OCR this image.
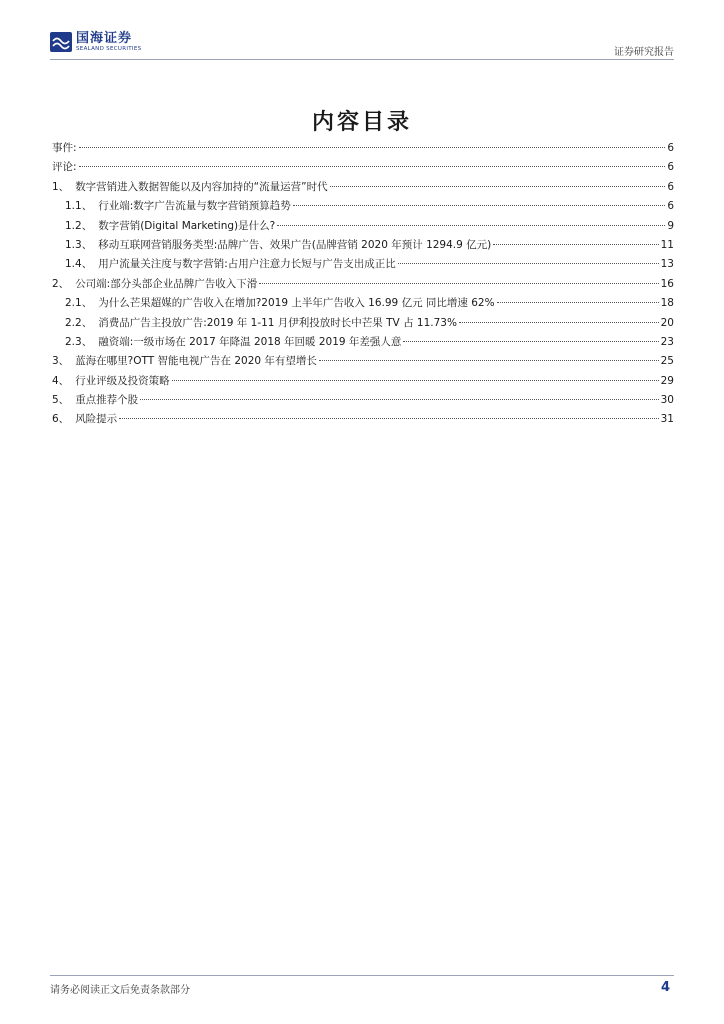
国海证券
SEALAND SECURITIES	证券研究报告
内容目录
事件:	6
评论:	6
1、 数字营销进入数据智能以及内容加持的“流量运营”时代	6
1.1、 行业端:数字广告流量与数字营销预算趋势	6
1.2、 数字营销(Digital Marketing)是什么?	9
1.3、 移动互联网营销服务类型:品牌广告、效果广告(品牌营销 2020 年预计 1294.9 亿元)	11
1.4、 用户流量关注度与数字营销:占用户注意力长短与广告支出成正比	13
2、 公司端:部分头部企业品牌广告收入下滑	16
2.1、 为什么芒果超媒的广告收入在增加?2019 上半年广告收入 16.99 亿元 同比增速 62%	18
2.2、 消费品广告主投放广告:2019 年 1-11 月伊利投放时长中芒果 TV 占 11.73%	20
2.3、 融资端:一级市场在 2017 年降温 2018 年回暖 2019 年差强人意	23
3、 蓝海在哪里?OTT 智能电视广告在 2020 年有望增长	25
4、 行业评级及投资策略	29
5、 重点推荐个股	30
6、 风险提示	31
请务必阅读正文后免责条款部分	4
